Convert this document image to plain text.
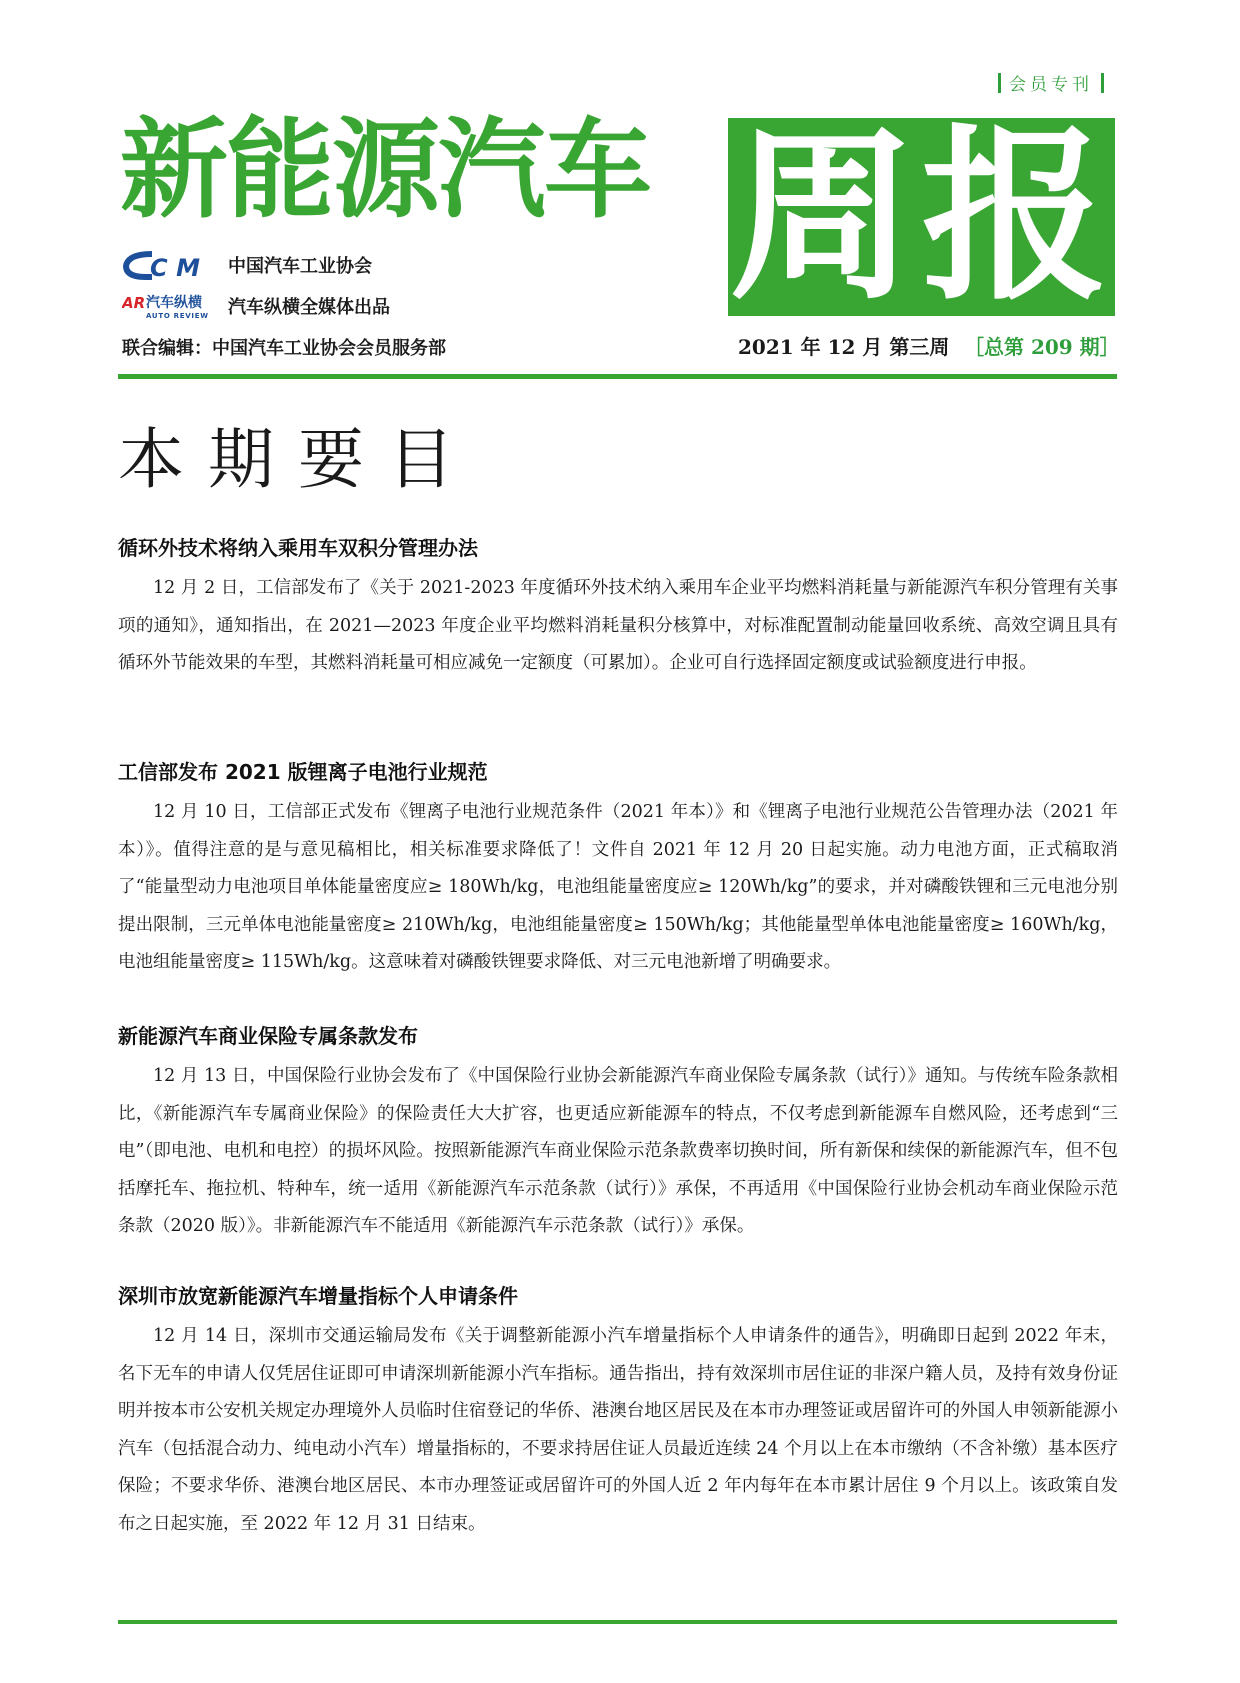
会员专刊
新能源汽车 周报
CM 中国汽车工业协会
AR 汽车纵横
AUTO REVIEW 汽车纵横全媒体出品
联合编辑：中国汽车工业协会会员服务部	2021 年 12 月 第三周 ［总第 209 期］
本期要目
循环外技术将纳入乘用车双积分管理办法

12 月 2 日，工信部发布了《关于 2021-2023 年度循环外技术纳入乘用车企业平均燃料消耗量与新能源汽车积分管理有关事项的通知》，通知指出，在 2021—2023 年度企业平均燃料消耗量积分核算中，对标准配置制动能量回收系统、高效空调且具有循环外节能效果的车型，其燃料消耗量可相应减免一定额度（可累加）。企业可自行选择固定额度或试验额度进行申报。

工信部发布 2021 版锂离子电池行业规范

12 月 10 日，工信部正式发布《锂离子电池行业规范条件（2021 年本）》和《锂离子电池行业规范公告管理办法（2021 年本）》。值得注意的是与意见稿相比，相关标准要求降低了！文件自 2021 年 12 月 20 日起实施。动力电池方面，正式稿取消了“能量型动力电池项目单体能量密度应≥ 180Wh/kg，电池组能量密度应≥ 120Wh/kg”的要求，并对磷酸铁锂和三元电池分别提出限制，三元单体电池能量密度≥ 210Wh/kg，电池组能量密度≥ 150Wh/kg；其他能量型单体电池能量密度≥ 160Wh/kg，电池组能量密度≥ 115Wh/kg。这意味着对磷酸铁锂要求降低、对三元电池新增了明确要求。

新能源汽车商业保险专属条款发布

12 月 13 日，中国保险行业协会发布了《中国保险行业协会新能源汽车商业保险专属条款（试行）》通知。与传统车险条款相比，《新能源汽车专属商业保险》的保险责任大大扩容，也更适应新能源车的特点，不仅考虑到新能源车自燃风险，还考虑到“三电”（即电池、电机和电控）的损坏风险。按照新能源汽车商业保险示范条款费率切换时间，所有新保和续保的新能源汽车，但不包括摩托车、拖拉机、特种车，统一适用《新能源汽车示范条款（试行）》承保，不再适用《中国保险行业协会机动车商业保险示范条款（2020 版）》。非新能源汽车不能适用《新能源汽车示范条款（试行）》承保。

深圳市放宽新能源汽车增量指标个人申请条件

12 月 14 日，深圳市交通运输局发布《关于调整新能源小汽车增量指标个人申请条件的通告》，明确即日起到 2022 年末，名下无车的申请人仅凭居住证即可申请深圳新能源小汽车指标。通告指出，持有效深圳市居住证的非深户籍人员，及持有效身份证明并按本市公安机关规定办理境外人员临时住宿登记的华侨、港澳台地区居民及在本市办理签证或居留许可的外国人申领新能源小汽车（包括混合动力、纯电动小汽车）增量指标的，不要求持居住证人员最近连续 24 个月以上在本市缴纳（不含补缴）基本医疗保险；不要求华侨、港澳台地区居民、本市办理签证或居留许可的外国人近 2 年内每年在本市累计居住 9 个月以上。该政策自发布之日起实施，至 2022 年 12 月 31 日结束。
